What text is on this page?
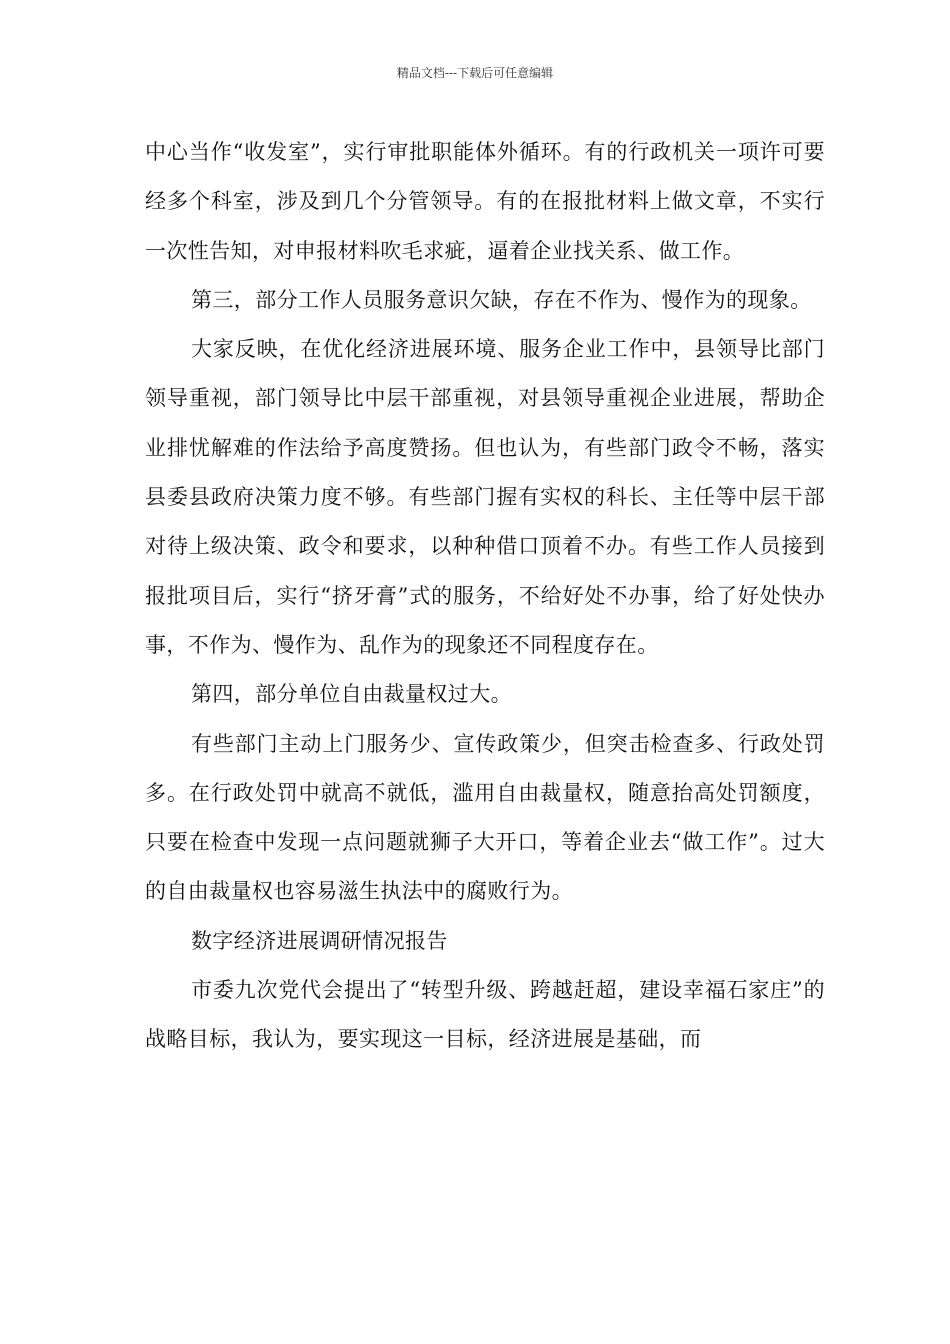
精品文档---下载后可任意编辑

中心当作“收发室”，实行审批职能体外循环。有的行政机关一项许可要经多个科室，涉及到几个分管领导。有的在报批材料上做文章，不实行一次性告知，对申报材料吹毛求疵，逼着企业找关系、做工作。

第三，部分工作人员服务意识欠缺，存在不作为、慢作为的现象。

大家反映，在优化经济进展环境、服务企业工作中，县领导比部门领导重视，部门领导比中层干部重视，对县领导重视企业进展，帮助企业排忧解难的作法给予高度赞扬。但也认为，有些部门政令不畅，落实县委县政府决策力度不够。有些部门握有实权的科长、主任等中层干部对待上级决策、政令和要求，以种种借口顶着不办。有些工作人员接到报批项目后，实行“挤牙膏”式的服务，不给好处不办事，给了好处快办事，不作为、慢作为、乱作为的现象还不同程度存在。

第四，部分单位自由裁量权过大。

有些部门主动上门服务少、宣传政策少，但突击检查多、行政处罚多。在行政处罚中就高不就低，滥用自由裁量权，随意抬高处罚额度，只要在检查中发现一点问题就狮子大开口，等着企业去“做工作”。过大的自由裁量权也容易滋生执法中的腐败行为。

数字经济进展调研情况报告

市委九次党代会提出了“转型升级、跨越赶超，建设幸福石家庄”的战略目标，我认为，要实现这一目标，经济进展是基础，而
